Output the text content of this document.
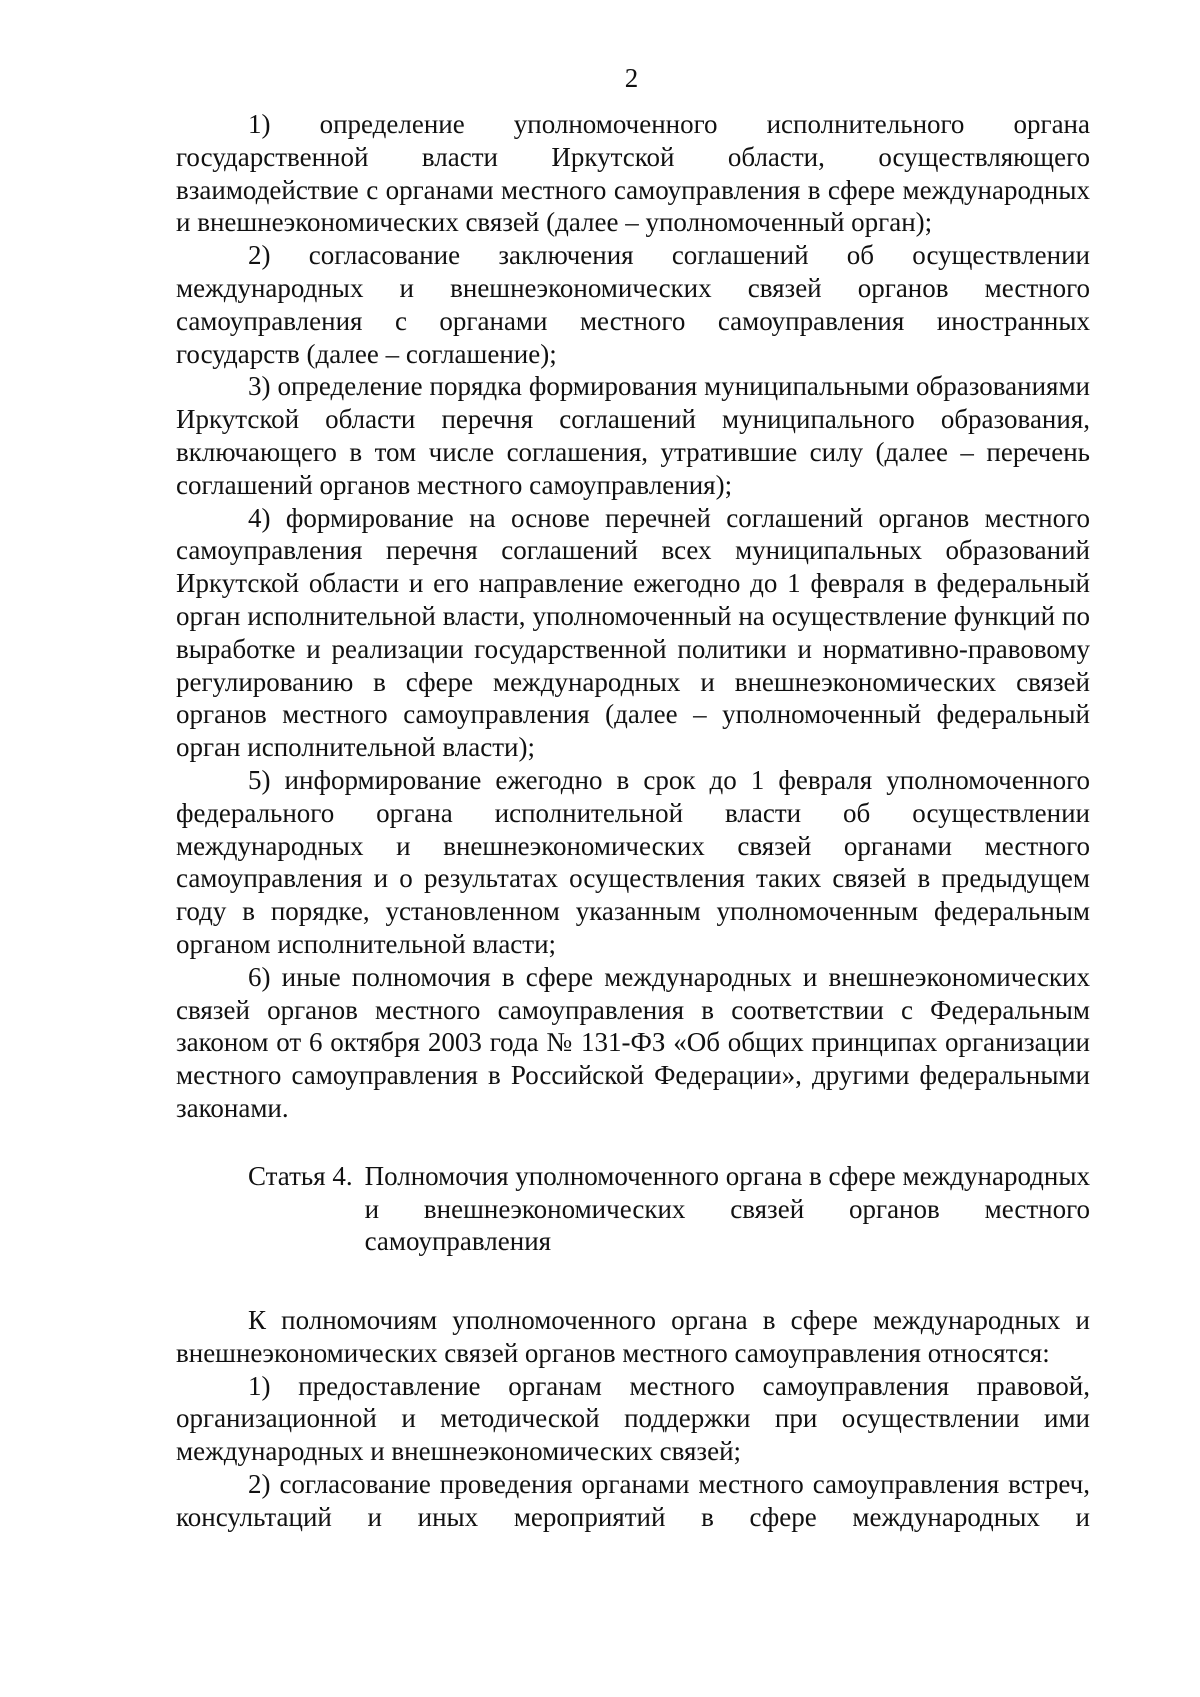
2

1) определение уполномоченного исполнительного органа государственной власти Иркутской области, осуществляющего взаимодействие с органами местного самоуправления в сфере международных и внешнеэкономических связей (далее – уполномоченный орган);

2) согласование заключения соглашений об осуществлении международных и внешнеэкономических связей органов местного самоуправления с органами местного самоуправления иностранных государств (далее – соглашение);

3) определение порядка формирования муниципальными образованиями Иркутской области перечня соглашений муниципального образования, включающего в том числе соглашения, утратившие силу (далее – перечень соглашений органов местного самоуправления);

4) формирование на основе перечней соглашений органов местного самоуправления перечня соглашений всех муниципальных образований Иркутской области и его направление ежегодно до 1 февраля в федеральный орган исполнительной власти, уполномоченный на осуществление функций по выработке и реализации государственной политики и нормативно-правовому регулированию в сфере международных и внешнеэкономических связей органов местного самоуправления (далее – уполномоченный федеральный орган исполнительной власти);

5) информирование ежегодно в срок до 1 февраля уполномоченного федерального органа исполнительной власти об осуществлении международных и внешнеэкономических связей органами местного самоуправления и о результатах осуществления таких связей в предыдущем году в порядке, установленном указанным уполномоченным федеральным органом исполнительной власти;

6) иные полномочия в сфере международных и внешнеэкономических связей органов местного самоуправления в соответствии с Федеральным законом от 6 октября 2003 года № 131-ФЗ «Об общих принципах организации местного самоуправления в Российской Федерации», другими федеральными законами.

Статья 4. Полномочия уполномоченного органа в сфере международных и внешнеэкономических связей органов местного самоуправления

К полномочиям уполномоченного органа в сфере международных и внешнеэкономических связей органов местного самоуправления относятся:

1) предоставление органам местного самоуправления правовой, организационной и методической поддержки при осуществлении ими международных и внешнеэкономических связей;

2) согласование проведения органами местного самоуправления встреч, консультаций и иных мероприятий в сфере международных и
